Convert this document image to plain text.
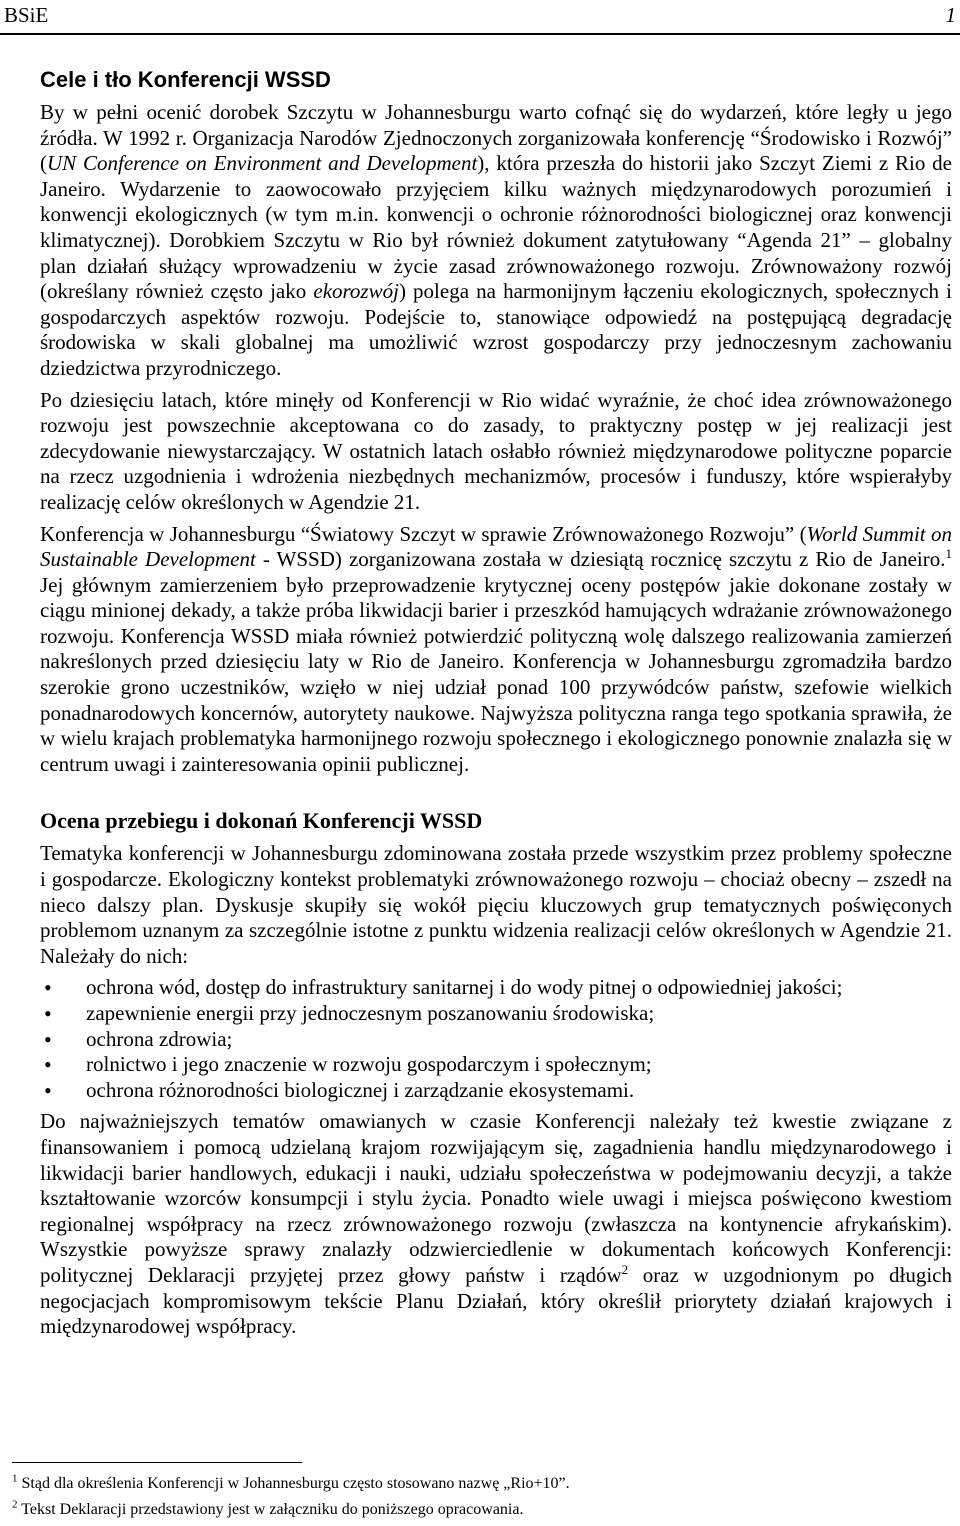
BSiE	1
Cele i tło Konferencji WSSD

By w pełni ocenić dorobek Szczytu w Johannesburgu warto cofnąć się do wydarzeń, które legły u jego źródła. W 1992 r. Organizacja Narodów Zjednoczonych zorganizowała konferencję “Środowisko i Rozwój” (UN Conference on Environment and Development), która przeszła do historii jako Szczyt Ziemi z Rio de Janeiro. Wydarzenie to zaowocowało przyjęciem kilku ważnych międzynarodowych porozumień i konwencji ekologicznych (w tym m.in. konwencji o ochronie różnorodności biologicznej oraz konwencji klimatycznej). Dorobkiem Szczytu w Rio był również dokument zatytułowany “Agenda 21” – globalny plan działań służący wprowadzeniu w życie zasad zrównoważonego rozwoju. Zrównoważony rozwój (określany również często jako ekorozwój) polega na harmonijnym łączeniu ekologicznych, społecznych i gospodarczych aspektów rozwoju. Podejście to, stanowiące odpowiedź na postępującą degradację środowiska w skali globalnej ma umożliwić wzrost gospodarczy przy jednoczesnym zachowaniu dziedzictwa przyrodniczego.

Po dziesięciu latach, które minęły od Konferencji w Rio widać wyraźnie, że choć idea zrównoważonego rozwoju jest powszechnie akceptowana co do zasady, to praktyczny postęp w jej realizacji jest zdecydowanie niewystarczający. W ostatnich latach osłabło również międzynarodowe polityczne poparcie na rzecz uzgodnienia i wdrożenia niezbędnych mechanizmów, procesów i funduszy, które wspierałyby realizację celów określonych w Agendzie 21.

Konferencja w Johannesburgu “Światowy Szczyt w sprawie Zrównoważonego Rozwoju” (World Summit on Sustainable Development - WSSD) zorganizowana została w dziesiątą rocznicę szczytu z Rio de Janeiro.$^1$ Jej głównym zamierzeniem było przeprowadzenie krytycznej oceny postępów jakie dokonane zostały w ciągu minionej dekady, a także próba likwidacji barier i przeszkód hamujących wdrażanie zrównoważonego rozwoju. Konferencja WSSD miała również potwierdzić polityczną wolę dalszego realizowania zamierzeń nakreślonych przed dziesięciu laty w Rio de Janeiro. Konferencja w Johannesburgu zgromadziła bardzo szerokie grono uczestników, wzięło w niej udział ponad 100 przywódców państw, szefowie wielkich ponadnarodowych koncernów, autorytety naukowe. Najwyższa polityczna ranga tego spotkania sprawiła, że w wielu krajach problematyka harmonijnego rozwoju społecznego i ekologicznego ponownie znalazła się w centrum uwagi i zainteresowania opinii publicznej.

Ocena przebiegu i dokonań Konferencji WSSD

Tematyka konferencji w Johannesburgu zdominowana została przede wszystkim przez problemy społeczne i gospodarcze. Ekologiczny kontekst problematyki zrównoważonego rozwoju – chociaż obecny – zszedł na nieco dalszy plan. Dyskusje skupiły się wokół pięciu kluczowych grup tematycznych poświęconych problemom uznanym za szczególnie istotne z punktu widzenia realizacji celów określonych w Agendzie 21. Należały do nich:

• ochrona wód, dostęp do infrastruktury sanitarnej i do wody pitnej o odpowiedniej jakości;
• zapewnienie energii przy jednoczesnym poszanowaniu środowiska;
• ochrona zdrowia;
• rolnictwo i jego znaczenie w rozwoju gospodarczym i społecznym;
• ochrona różnorodności biologicznej i zarządzanie ekosystemami.

Do najważniejszych tematów omawianych w czasie Konferencji należały też kwestie związane z finansowaniem i pomocą udzielaną krajom rozwijającym się, zagadnienia handlu międzynarodowego i likwidacji barier handlowych, edukacji i nauki, udziału społeczeństwa w podejmowaniu decyzji, a także kształtowanie wzorców konsumpcji i stylu życia. Ponadto wiele uwagi i miejsca poświęcono kwestiom regionalnej współpracy na rzecz zrównoważonego rozwoju (zwłaszcza na kontynencie afrykańskim). Wszystkie powyższe sprawy znalazły odzwierciedlenie w dokumentach końcowych Konferencji: politycznej Deklaracji przyjętej przez głowy państw i rządów$^2$ oraz w uzgodnionym po długich negocjacjach kompromisowym tekście Planu Działań, który określił priorytety działań krajowych i międzynarodowej współpracy.

$^1$ Stąd dla określenia Konferencji w Johannesburgu często stosowano nazwę „Rio+10”.

$^2$ Tekst Deklaracji przedstawiony jest w załączniku do poniższego opracowania.
